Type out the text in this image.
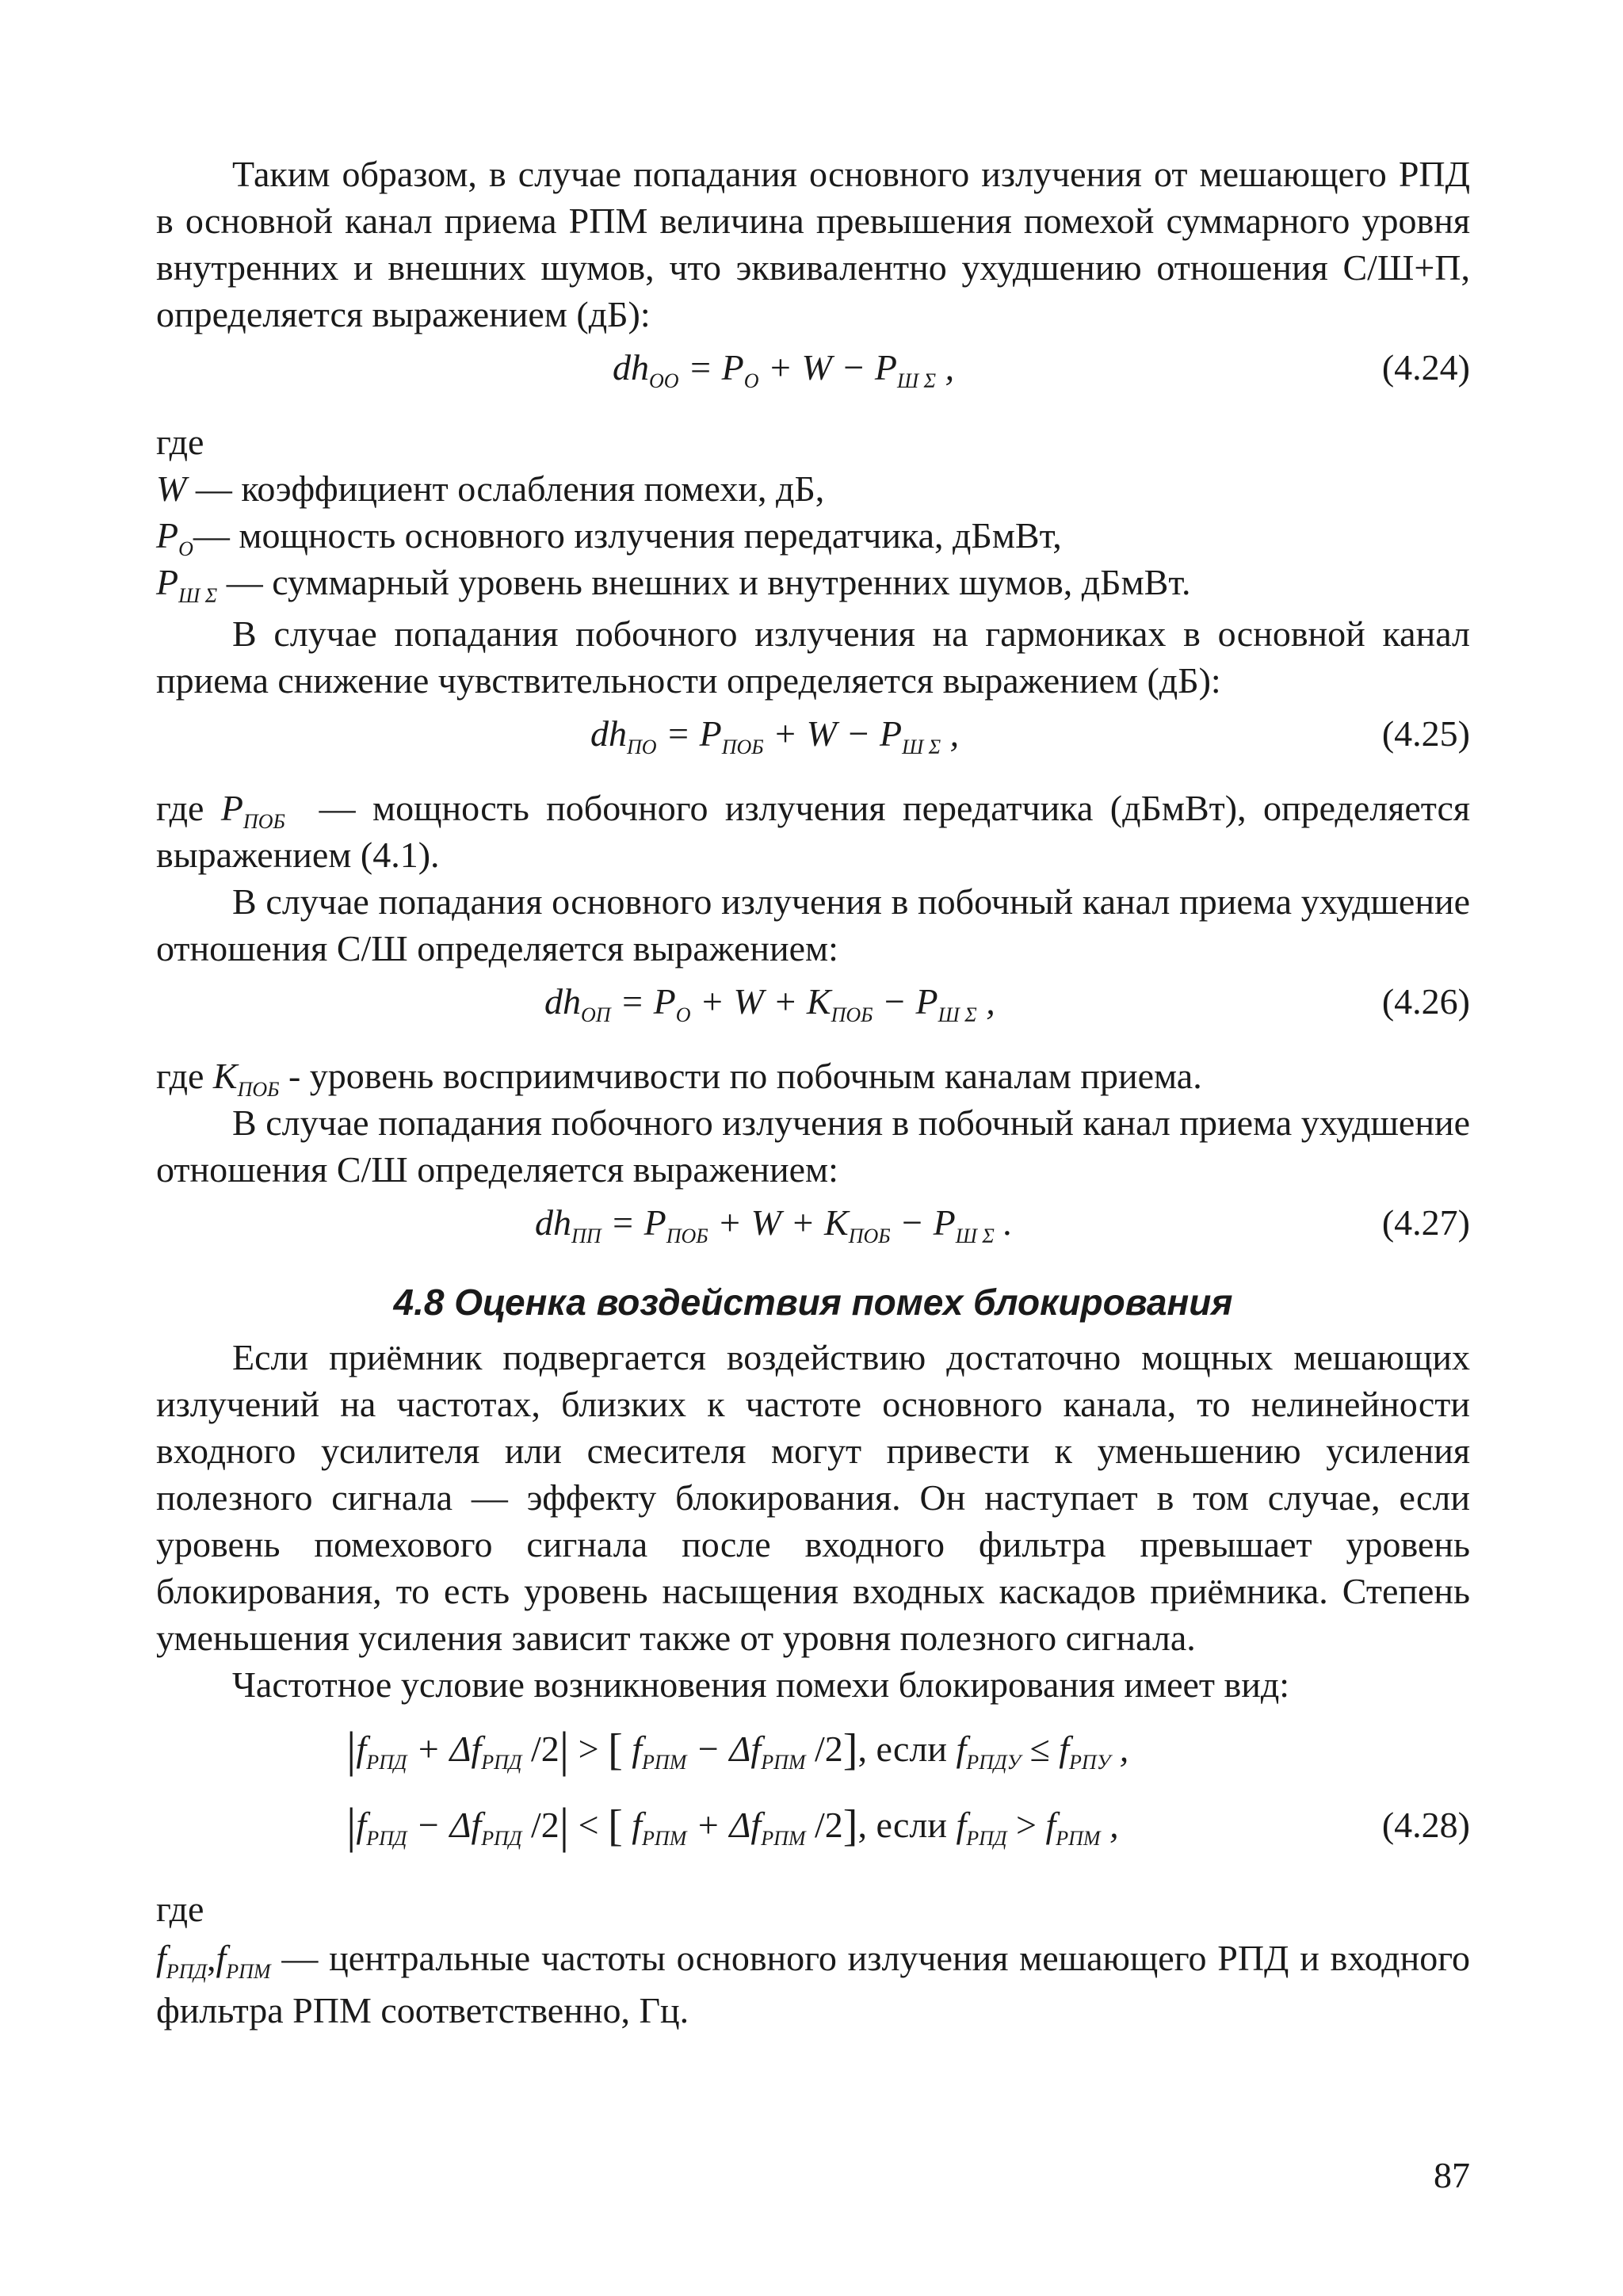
Таким образом, в случае попадания основного излучения от мешающего РПД в основной канал приема РПМ величина превышения помехой суммарного уровня внутренних и внешних шумов, что эквивалентно ухудшению отношения С/Ш+П, определяется выражением (дБ):

$dh_{ОО} = P_О + W - P_{Ш \Sigma}$ ,	(4.24)

где

W — коэффициент ослабления помехи, дБ,

$P_О—$ мощность основного излучения передатчика, дБмВт,

$P_{Ш \Sigma}$ — суммарный уровень внешних и внутренних шумов, дБмВт.

В случае попадания побочного излучения на гармониках в основной канал приема снижение чувствительности определяется выражением (дБ):

$dh_{ПО} = P_{ПОБ} + W - P_{Ш \Sigma}$ ,	(4.25)

где $P_{ПОБ}$ — мощность побочного излучения передатчика (дБмВт), определяется выражением (4.1).

В случае попадания основного излучения в побочный канал приема ухудшение отношения С/Ш определяется выражением:

$dh_{ОП} = P_О + W + K_{ПОБ} - P_{Ш \Sigma}$ ,	(4.26)

где $K_{ПОБ}$ - уровень восприимчивости по побочным каналам приема.

В случае попадания побочного излучения в побочный канал приема ухудшение отношения С/Ш определяется выражением:

$dh_{ПП} = P_{ПОБ} + W + K_{ПОБ} - P_{Ш \Sigma}$ .	(4.27)
4.8 Оценка воздействия помех блокирования

Если приёмник подвергается воздействию достаточно мощных мешающих излучений на частотах, близких к частоте основного канала, то нелинейности входного усилителя или смесителя могут привести к уменьшению усиления полезного сигнала — эффекту блокирования. Он наступает в том случае, если уровень помехового сигнала после входного фильтра превышает уровень блокирования, то есть уровень насыщения входных каскадов приёмника. Степень уменьшения усиления зависит также от уровня полезного сигнала.

Частотное условие возникновения помехи блокирования имеет вид:

$|f_{РПД} + \Delta f_{РПД}$ /2| > [ $f_{РПМ} - \Delta f_{РПМ}$ /2], если $f_{РПДУ} \le f_{РПУ}$ ,
$|f_{РПД} - \Delta f_{РПД}$ /2| < [ $f_{РПМ} + \Delta f_{РПМ}$ /2], если $f_{РПД} > f_{РПМ}$ ,	(4.28)

где

$f_{РПД},f_{РПМ}$ — центральные частоты основного излучения мешающего РПД и входного фильтра РПМ соответственно, Гц.

87
